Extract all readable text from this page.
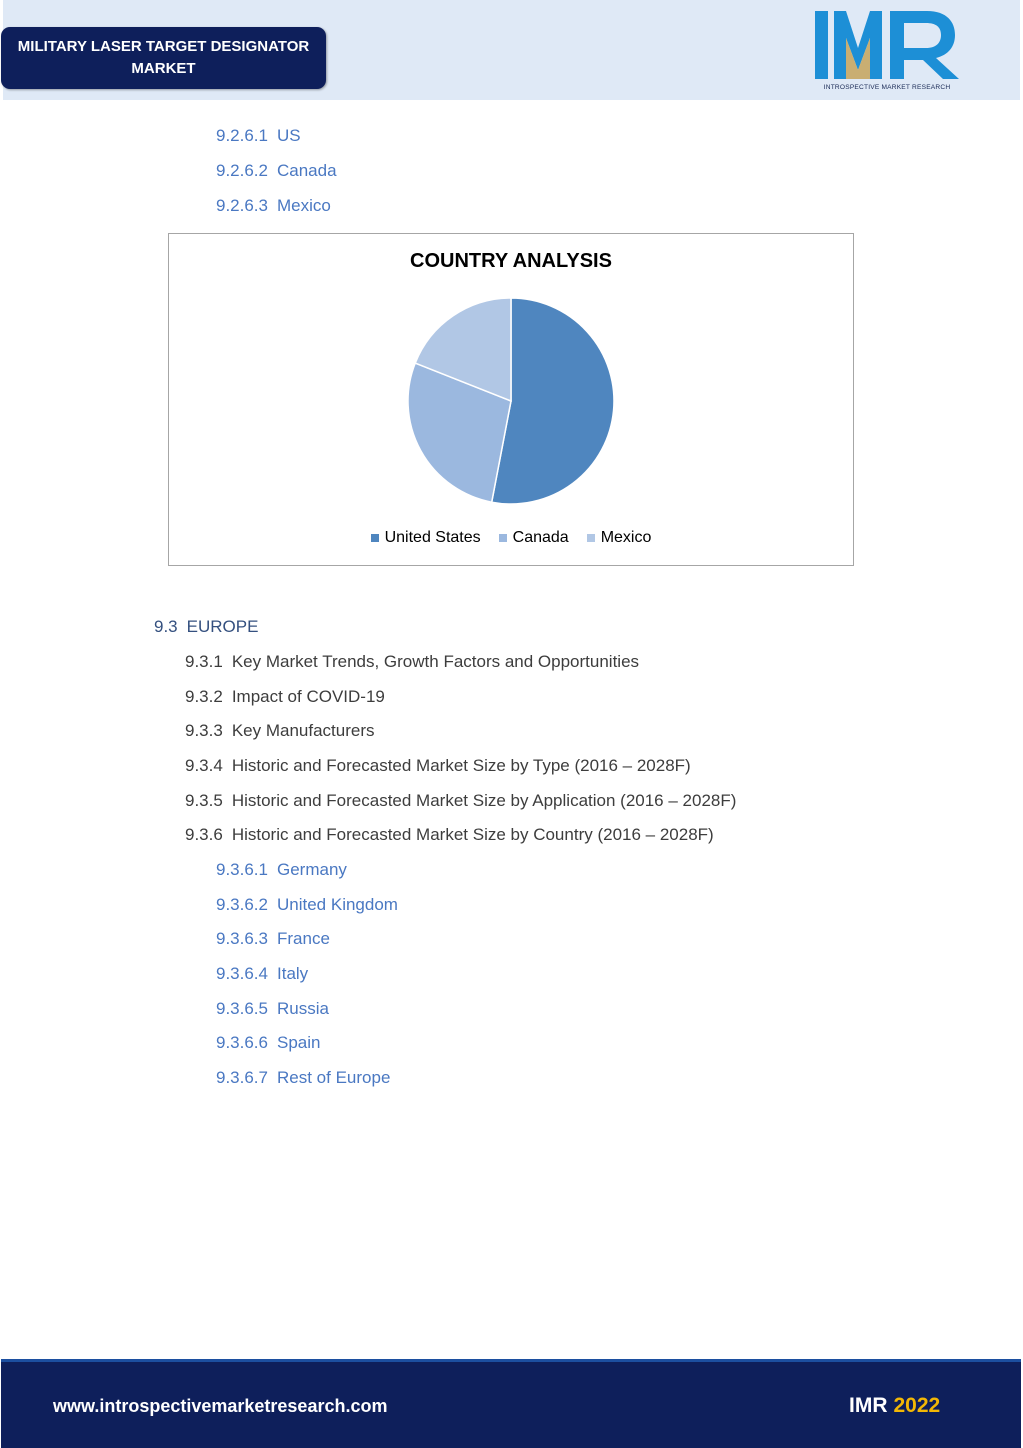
MILITARY LASER TARGET DESIGNATOR
MARKET
INTROSPECTIVE MARKET RESEARCH
9.2.6.1 US
9.2.6.2 Canada
9.2.6.3 Mexico
COUNTRY ANALYSIS
United States Canada Mexico
9.3 EUROPE
9.3.1 Key Market Trends, Growth Factors and Opportunities
9.3.2 Impact of COVID-19
9.3.3 Key Manufacturers
9.3.4 Historic and Forecasted Market Size by Type (2016 – 2028F)
9.3.5 Historic and Forecasted Market Size by Application (2016 – 2028F)
9.3.6 Historic and Forecasted Market Size by Country (2016 – 2028F)
9.3.6.1 Germany
9.3.6.2 United Kingdom
9.3.6.3 France
9.3.6.4 Italy
9.3.6.5 Russia
9.3.6.6 Spain
9.3.6.7 Rest of Europe
www.introspectivemarketresearch.com	IMR 2022
